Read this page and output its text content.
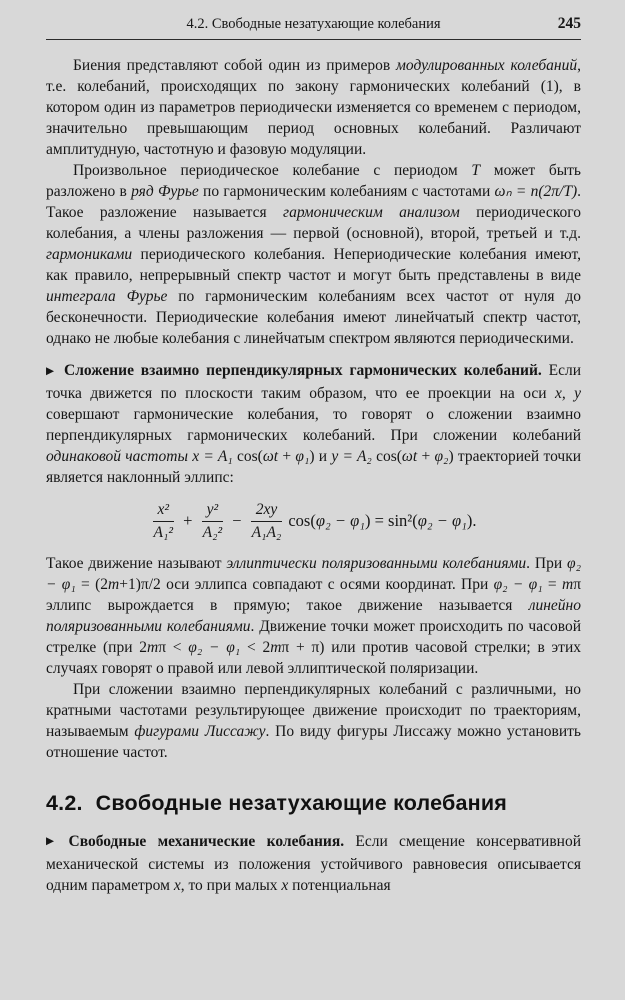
4.2. Свободные незатухающие колебания	245

Биения представляют собой один из примеров модулированных колебаний, т.е. колебаний, происходящих по закону гармонических колебаний (1), в котором один из параметров периодически изменяется со временем с периодом, значительно превышающим период основных колебаний. Различают амплитудную, частотную и фазовую модуляции.

Произвольное периодическое колебание с периодом T может быть разложено в ряд Фурье по гармоническим колебаниям с частотами ωₙ = n(2π/T). Такое разложение называется гармоническим анализом периодического колебания, а члены разложения — первой (основной), второй, третьей и т.д. гармониками периодического колебания. Непериодические колебания имеют, как правило, непрерывный спектр частот и могут быть представлены в виде интеграла Фурье по гармоническим колебаниям всех частот от нуля до бесконечности. Периодические колебания имеют линейчатый спектр частот, однако не любые колебания с линейчатым спектром являются периодическими.

▶ Сложение взаимно перпендикулярных гармонических колебаний. Если точка движется по плоскости таким образом, что ее проекции на оси x, y совершают гармонические колебания, то говорят о сложении взаимно перпендикулярных гармонических колебаний. При сложении колебаний одинаковой частоты x = A₁ cos(ωt + φ₁) и y = A₂ cos(ωt + φ₂) траекторией точки является наклонный эллипс:

$\frac{\text{x²}}{\text{A₁²}} + \frac{\text{y²}}{\text{A₂²}} - \frac{2xy}{\text{A₁A₂}} \cos(\varphi_2 - \varphi_1) = \sin^2(\varphi_2 - \varphi_1)$.

Такое движение называют эллиптически поляризованными колебаниями. При φ₂ − φ₁ = (2m+1)π/2 оси эллипса совпадают с осями координат. При φ₂ − φ₁ = mπ эллипс вырождается в прямую; такое движение называется линейно поляризованными колебаниями. Движение точки может происходить по часовой стрелке (при 2mπ < φ₂ − φ₁ < 2mπ + π) или против часовой стрелки; в этих случаях говорят о правой или левой эллиптической поляризации.

При сложении взаимно перпендикулярных колебаний с различными, но кратными частотами результирующее движение происходит по траекториям, называемым фигурами Лиссажу. По виду фигуры Лиссажу можно установить отношение частот.

4.2. Свободные незатухающие колебания

▶ Свободные механические колебания. Если смещение консервативной механической системы из положения устойчивого равновесия описывается одним параметром x, то при малых x потенциальная
